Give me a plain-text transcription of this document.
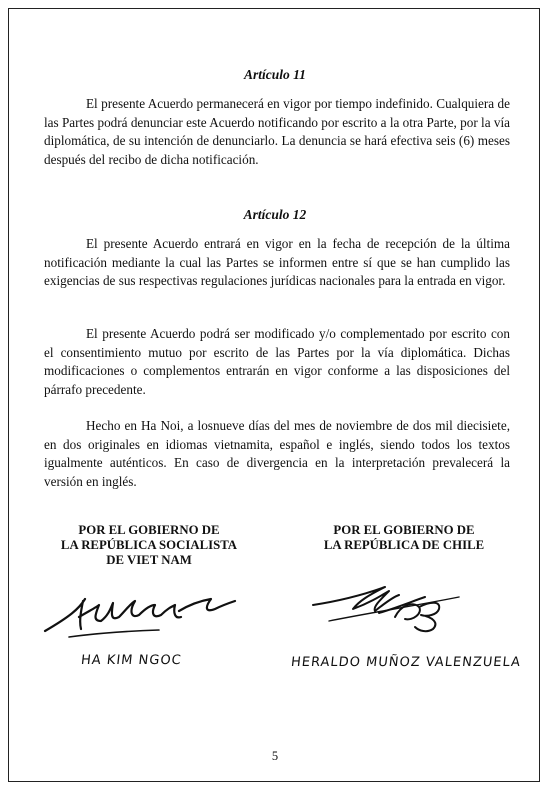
Artículo 11
El presente Acuerdo permanecerá en vigor por tiempo indefinido. Cualquiera de las Partes podrá denunciar este Acuerdo notificando por escrito a la otra Parte, por la vía diplomática, de su intención de denunciarlo. La denuncia se hará efectiva seis (6) meses después del recibo de dicha notificación.
Artículo 12
El presente Acuerdo entrará en vigor en la fecha de recepción de la última notificación mediante la cual las Partes se informen entre sí que se han cumplido las exigencias de sus respectivas regulaciones jurídicas nacionales para la entrada en vigor.
El presente Acuerdo podrá ser modificado y/o complementado por escrito con el consentimiento mutuo por escrito de las Partes por la vía diplomática. Dichas modificaciones o complementos entrarán en vigor conforme a las disposiciones del párrafo precedente.
Hecho en Ha Noi, a losnueve días del mes de noviembre de dos mil diecisiete, en dos originales en idiomas vietnamita, español e inglés, siendo todos los textos igualmente auténticos. En caso de divergencia en la interpretación prevalecerá la versión en inglés.
POR EL GOBIERNO DE
LA REPÚBLICA SOCIALISTA
DE VIET NAM
HA KIM NGOC
POR EL GOBIERNO DE
LA REPÚBLICA DE CHILE
HERALDO MUÑOZ VALENZUELA
5
